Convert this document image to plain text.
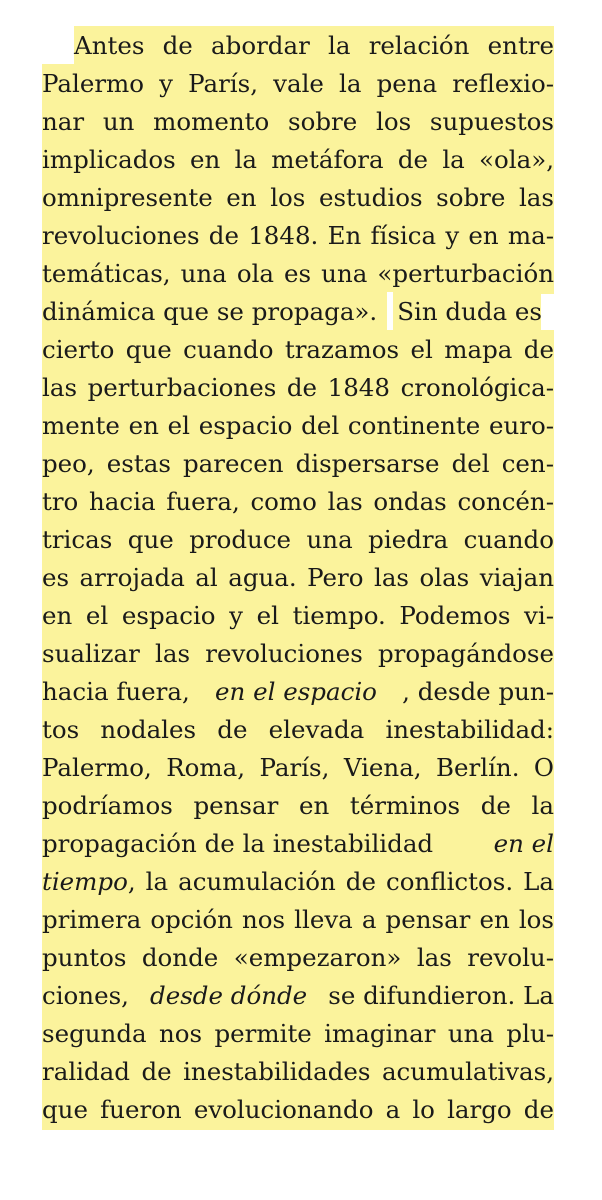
Antes de abordar la relación entre
Palermo y París, vale la pena reflexio-
nar un momento sobre los supuestos
implicados en la metáfora de la «ola»,
omnipresente en los estudios sobre las
revoluciones de 1848. En física y en ma-
temáticas, una ola es una «perturbación
dinámica que se propaga». Sin duda es
cierto que cuando trazamos el mapa de
las perturbaciones de 1848 cronológica-
mente en el espacio del continente euro-
peo, estas parecen dispersarse del cen-
tro hacia fuera, como las ondas concén-
tricas que produce una piedra cuando
es arrojada al agua. Pero las olas viajan
en el espacio y el tiempo. Podemos vi-
sualizar las revoluciones propagándose
hacia fuera, en el espacio , desde pun-
tos nodales de elevada inestabilidad:
Palermo, Roma, París, Viena, Berlín. O
podríamos pensar en términos de la
propagación de la inestabilidad en el
tiempo , la acumulación de conflictos. La
primera opción nos lleva a pensar en los
puntos donde «empezaron» las revolu-
ciones, desde dónde se difundieron. La
segunda nos permite imaginar una plu-
ralidad de inestabilidades acumulativas,
que fueron evolucionando a lo largo de
